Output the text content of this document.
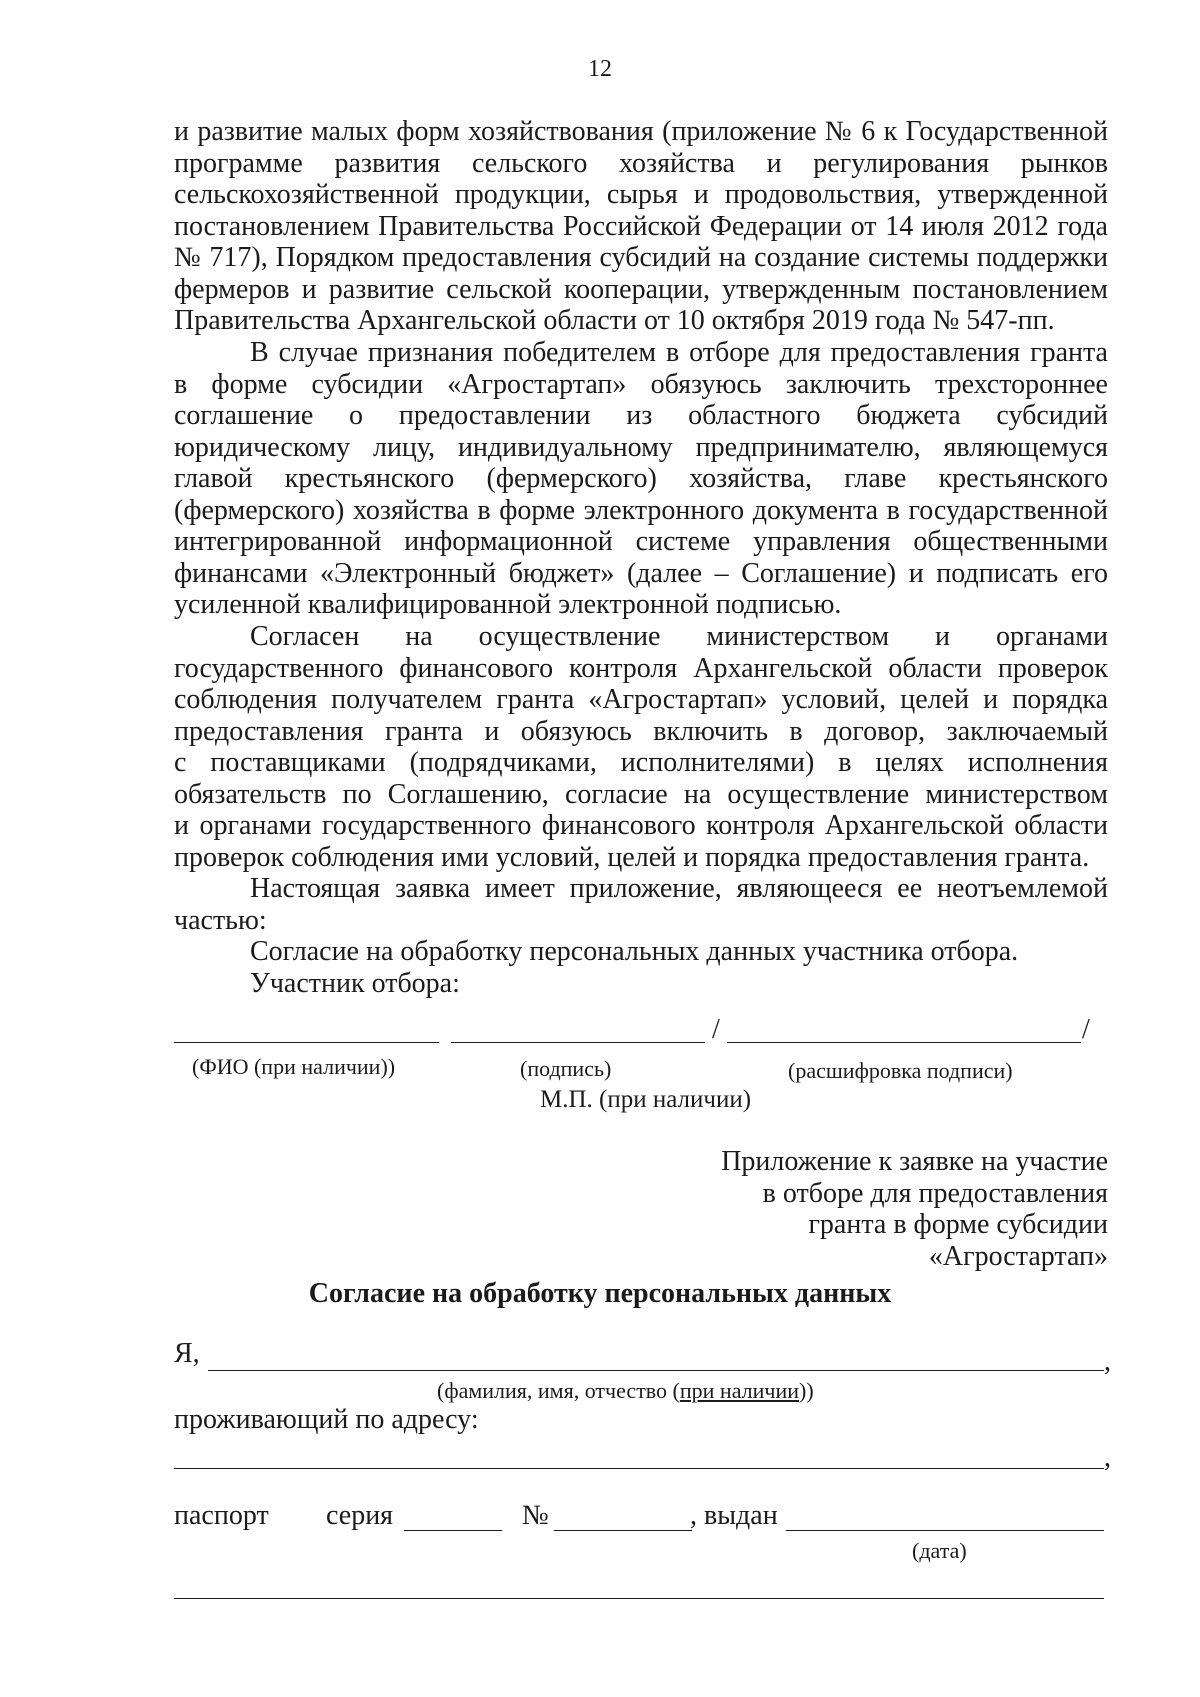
12

и развитие малых форм хозяйствования (приложение № 6 к Государственной

программе развития сельского хозяйства и регулирования рынков

сельскохозяйственной продукции, сырья и продовольствия, утвержденной

постановлением Правительства Российской Федерации от 14 июля 2012 года

№ 717), Порядком предоставления субсидий на создание системы поддержки

фермеров и развитие сельской кооперации, утвержденным постановлением

Правительства Архангельской области от 10 октября 2019 года № 547-пп.

В случае признания победителем в отборе для предоставления гранта

в форме субсидии «Агростартап» обязуюсь заключить трехстороннее

соглашение о предоставлении из областного бюджета субсидий

юридическому лицу, индивидуальному предпринимателю, являющемуся

главой крестьянского (фермерского) хозяйства, главе крестьянского

(фермерского) хозяйства в форме электронного документа в государственной

интегрированной информационной системе управления общественными

финансами «Электронный бюджет» (далее – Соглашение) и подписать его

усиленной квалифицированной электронной подписью.

Согласен на осуществление министерством и органами

государственного финансового контроля Архангельской области проверок

соблюдения получателем гранта «Агростартап» условий, целей и порядка

предоставления гранта и обязуюсь включить в договор, заключаемый

с поставщиками (подрядчиками, исполнителями) в целях исполнения

обязательств по Соглашению, согласие на осуществление министерством

и органами государственного финансового контроля Архангельской области

проверок соблюдения ими условий, целей и порядка предоставления гранта.

Настоящая заявка имеет приложение, являющееся ее неотъемлемой

частью:

Согласие на обработку персональных данных участника отбора.

Участник отбора:

/	/
(ФИО (при наличии))	(подпись)	(расшифровка подписи)
М.П. (при наличии)
Приложение к заявке на участие
в отборе для предоставления
гранта в форме субсидии
«Агростартап»
Согласие на обработку персональных данных
Я,	,
(фамилия, имя, отчество (при наличии))
проживающий по адресу:
,
паспорт серия	№	, выдан
(дата)
